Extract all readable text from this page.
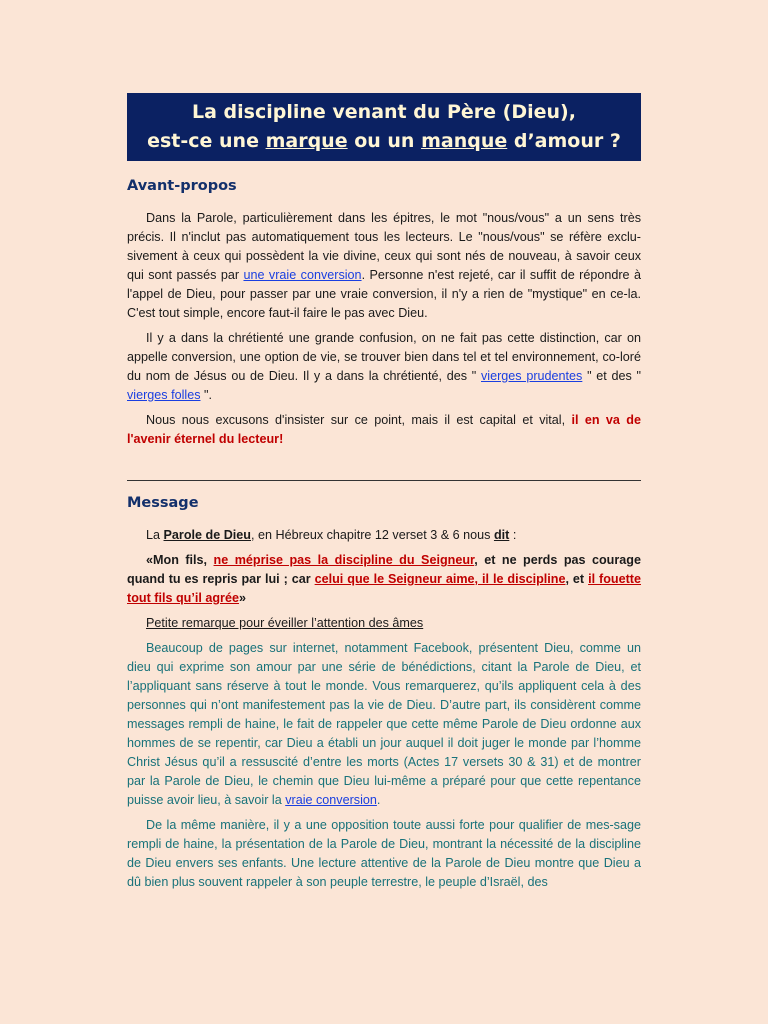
La discipline venant du Père (Dieu),
est-ce une marque ou un manque d’amour ?
Avant-propos

Dans la Parole, particulièrement dans les épitres, le mot "nous/vous" a un sens très précis. Il n'inclut pas automatiquement tous les lecteurs. Le "nous/vous" se réfère exclu-sivement à ceux qui possèdent la vie divine, ceux qui sont nés de nouveau, à savoir ceux qui sont passés par une vraie conversion. Personne n'est rejeté, car il suffit de répondre à l'appel de Dieu, pour passer par une vraie conversion, il n'y a rien de "mystique" en ce-la. C'est tout simple, encore faut-il faire le pas avec Dieu.

Il y a dans la chrétienté une grande confusion, on ne fait pas cette distinction, car on appelle conversion, une option de vie, se trouver bien dans tel et tel environnement, co-loré du nom de Jésus ou de Dieu. Il y a dans la chrétienté, des " vierges prudentes " et des " vierges folles ".

Nous nous excusons d'insister sur ce point, mais il est capital et vital, il en va de l'avenir éternel du lecteur!

Message

La Parole de Dieu, en Hébreux chapitre 12 verset 3 & 6 nous dit :

«Mon fils, ne méprise pas la discipline du Seigneur, et ne perds pas courage quand tu es repris par lui ; car celui que le Seigneur aime, il le discipline, et il fouette tout fils qu’il agrée»

Petite remarque pour éveiller l’attention des âmes

Beaucoup de pages sur internet, notamment Facebook, présentent Dieu, comme un dieu qui exprime son amour par une série de bénédictions, citant la Parole de Dieu, et l’appliquant sans réserve à tout le monde. Vous remarquerez, qu’ils appliquent cela à des personnes qui n’ont manifestement pas la vie de Dieu. D’autre part, ils considèrent comme messages rempli de haine, le fait de rappeler que cette même Parole de Dieu ordonne aux hommes de se repentir, car Dieu a établi un jour auquel il doit juger le monde par l’homme Christ Jésus qu’il a ressuscité d’entre les morts (Actes 17 versets 30 & 31) et de montrer par la Parole de Dieu, le chemin que Dieu lui-même a préparé pour que cette repentance puisse avoir lieu, à savoir la vraie conversion.

De la même manière, il y a une opposition toute aussi forte pour qualifier de mes-sage rempli de haine, la présentation de la Parole de Dieu, montrant la nécessité de la discipline de Dieu envers ses enfants. Une lecture attentive de la Parole de Dieu montre que Dieu a dû bien plus souvent rappeler à son peuple terrestre, le peuple d’Israël, des
